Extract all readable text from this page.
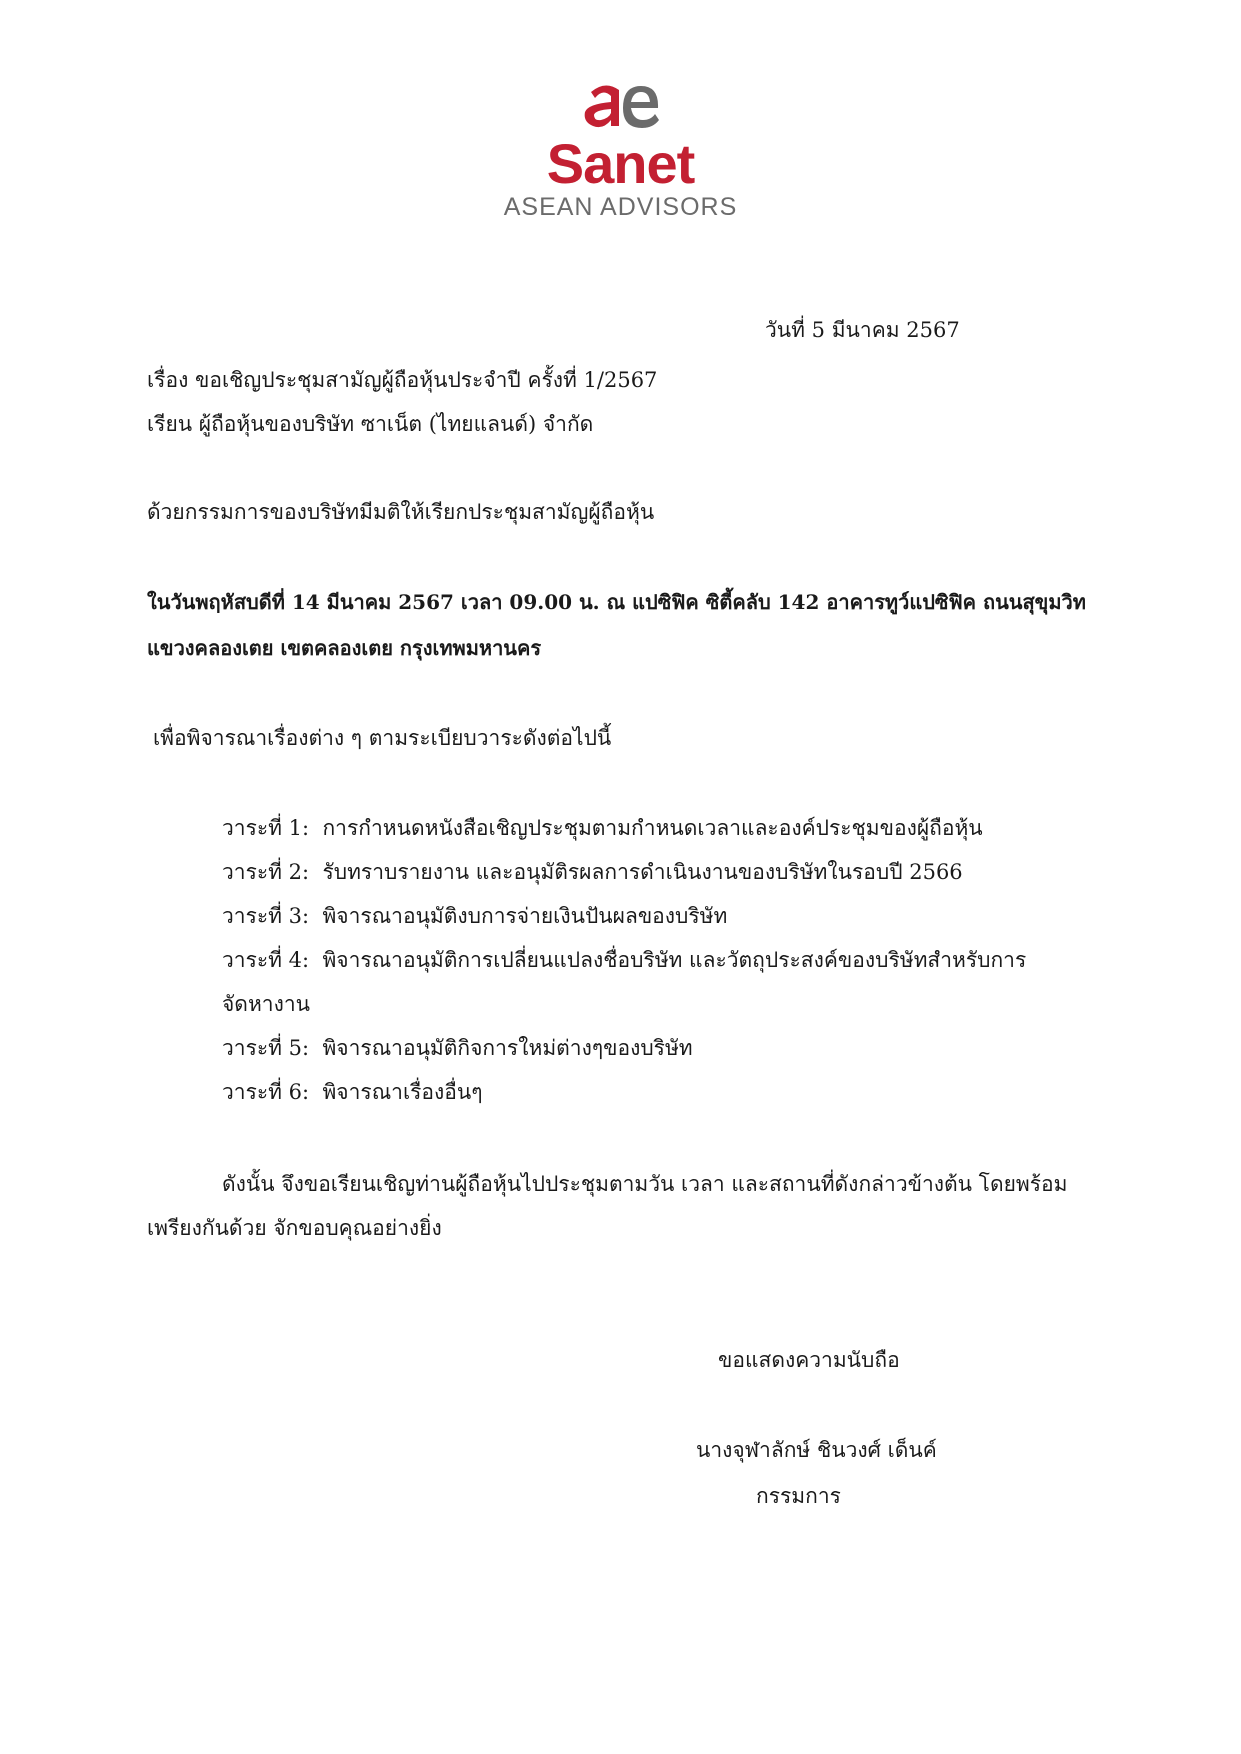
Sanet
ASEAN ADVISORS
วันที่ 5 มีนาคม 2567
เรื่อง ขอเชิญประชุมสามัญผู้ถือหุ้นประจำปี ครั้งที่ 1/2567
เรียน ผู้ถือหุ้นของบริษัท ซาเน็ต (ไทยแลนด์) จำกัด
ด้วยกรรมการของบริษัทมีมติให้เรียกประชุมสามัญผู้ถือหุ้น
ในวันพฤหัสบดีที่ 14 มีนาคม 2567 เวลา 09.00 น. ณ แปซิฟิค ซิตี้คลับ 142 อาคารทูว์แปซิฟิค ถนนสุขุมวิท
แขวงคลองเตย เขตคลองเตย กรุงเทพมหานคร
เพื่อพิจารณาเรื่องต่าง ๆ ตามระเบียบวาระดังต่อไปนี้
วาระที่ 1: การกำหนดหนังสือเชิญประชุมตามกำหนดเวลาและองค์ประชุมของผู้ถือหุ้น
วาระที่ 2: รับทราบรายงาน และอนุมัติรผลการดำเนินงานของบริษัทในรอบปี 2566
วาระที่ 3: พิจารณาอนุมัติงบการจ่ายเงินปันผลของบริษัท
วาระที่ 4: พิจารณาอนุมัติการเปลี่ยนแปลงชื่อบริษัท และวัตถุประสงค์ของบริษัทสำหรับการ
จัดหางาน
วาระที่ 5: พิจารณาอนุมัติกิจการใหม่ต่างๆของบริษัท
วาระที่ 6: พิจารณาเรื่องอื่นๆ
ดังนั้น จึงขอเรียนเชิญท่านผู้ถือหุ้นไปประชุมตามวัน เวลา และสถานที่ดังกล่าวข้างต้น โดยพร้อม
เพรียงกันด้วย จักขอบคุณอย่างยิ่ง
ขอแสดงความนับถือ
นางจุฬาลักษ์ ชินวงศ์ เด็นค์
กรรมการ
